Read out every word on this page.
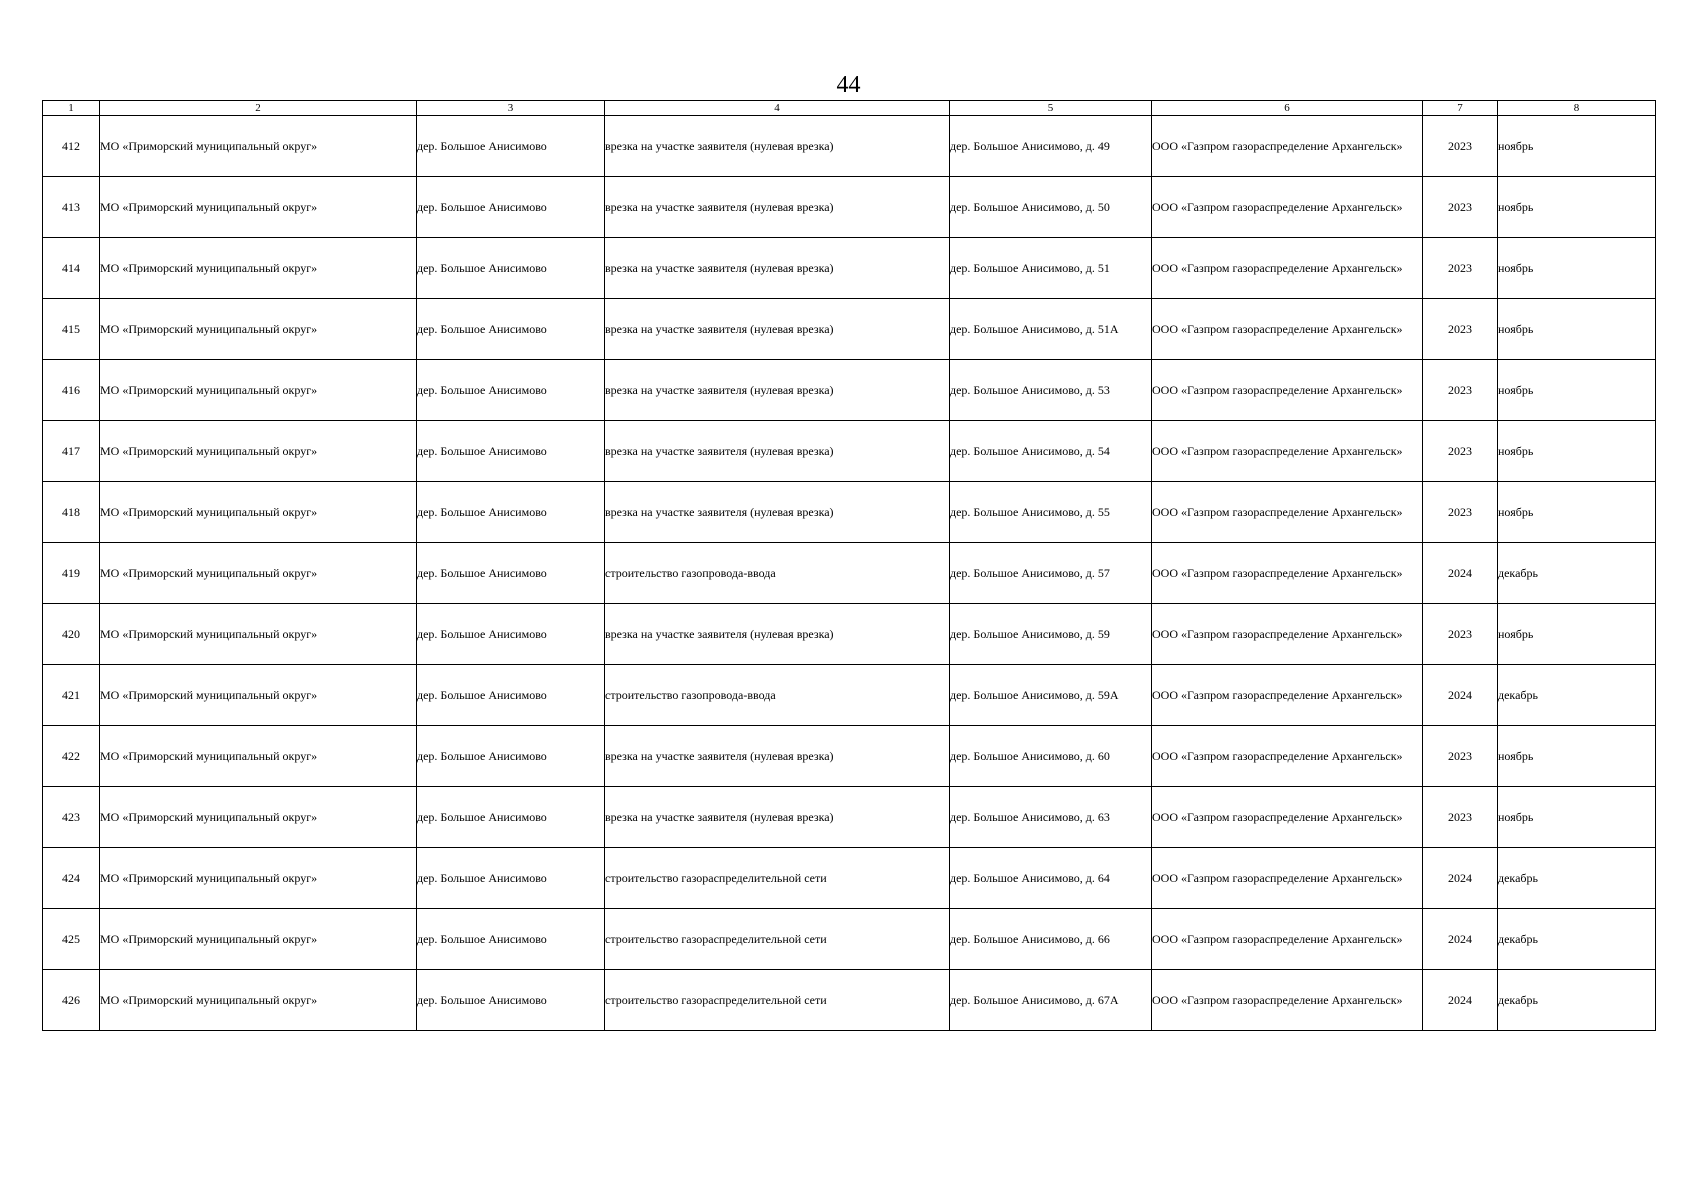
44
1	2	3	4	5	6	7	8
412	МО «Приморский муниципальный округ»	дер. Большое Анисимово	врезка на участке заявителя (нулевая врезка)	дер. Большое Анисимово, д. 49	ООО «Газпром газораспределение Архангельск»	2023	ноябрь
413	МО «Приморский муниципальный округ»	дер. Большое Анисимово	врезка на участке заявителя (нулевая врезка)	дер. Большое Анисимово, д. 50	ООО «Газпром газораспределение Архангельск»	2023	ноябрь
414	МО «Приморский муниципальный округ»	дер. Большое Анисимово	врезка на участке заявителя (нулевая врезка)	дер. Большое Анисимово, д. 51	ООО «Газпром газораспределение Архангельск»	2023	ноябрь
415	МО «Приморский муниципальный округ»	дер. Большое Анисимово	врезка на участке заявителя (нулевая врезка)	дер. Большое Анисимово, д. 51А	ООО «Газпром газораспределение Архангельск»	2023	ноябрь
416	МО «Приморский муниципальный округ»	дер. Большое Анисимово	врезка на участке заявителя (нулевая врезка)	дер. Большое Анисимово, д. 53	ООО «Газпром газораспределение Архангельск»	2023	ноябрь
417	МО «Приморский муниципальный округ»	дер. Большое Анисимово	врезка на участке заявителя (нулевая врезка)	дер. Большое Анисимово, д. 54	ООО «Газпром газораспределение Архангельск»	2023	ноябрь
418	МО «Приморский муниципальный округ»	дер. Большое Анисимово	врезка на участке заявителя (нулевая врезка)	дер. Большое Анисимово, д. 55	ООО «Газпром газораспределение Архангельск»	2023	ноябрь
419	МО «Приморский муниципальный округ»	дер. Большое Анисимово	строительство газопровода-ввода	дер. Большое Анисимово, д. 57	ООО «Газпром газораспределение Архангельск»	2024	декабрь
420	МО «Приморский муниципальный округ»	дер. Большое Анисимово	врезка на участке заявителя (нулевая врезка)	дер. Большое Анисимово, д. 59	ООО «Газпром газораспределение Архангельск»	2023	ноябрь
421	МО «Приморский муниципальный округ»	дер. Большое Анисимово	строительство газопровода-ввода	дер. Большое Анисимово, д. 59А	ООО «Газпром газораспределение Архангельск»	2024	декабрь
422	МО «Приморский муниципальный округ»	дер. Большое Анисимово	врезка на участке заявителя (нулевая врезка)	дер. Большое Анисимово, д. 60	ООО «Газпром газораспределение Архангельск»	2023	ноябрь
423	МО «Приморский муниципальный округ»	дер. Большое Анисимово	врезка на участке заявителя (нулевая врезка)	дер. Большое Анисимово, д. 63	ООО «Газпром газораспределение Архангельск»	2023	ноябрь
424	МО «Приморский муниципальный округ»	дер. Большое Анисимово	строительство газораспределительной сети	дер. Большое Анисимово, д. 64	ООО «Газпром газораспределение Архангельск»	2024	декабрь
425	МО «Приморский муниципальный округ»	дер. Большое Анисимово	строительство газораспределительной сети	дер. Большое Анисимово, д. 66	ООО «Газпром газораспределение Архангельск»	2024	декабрь
426	МО «Приморский муниципальный округ»	дер. Большое Анисимово	строительство газораспределительной сети	дер. Большое Анисимово, д. 67А	ООО «Газпром газораспределение Архангельск»	2024	декабрь
